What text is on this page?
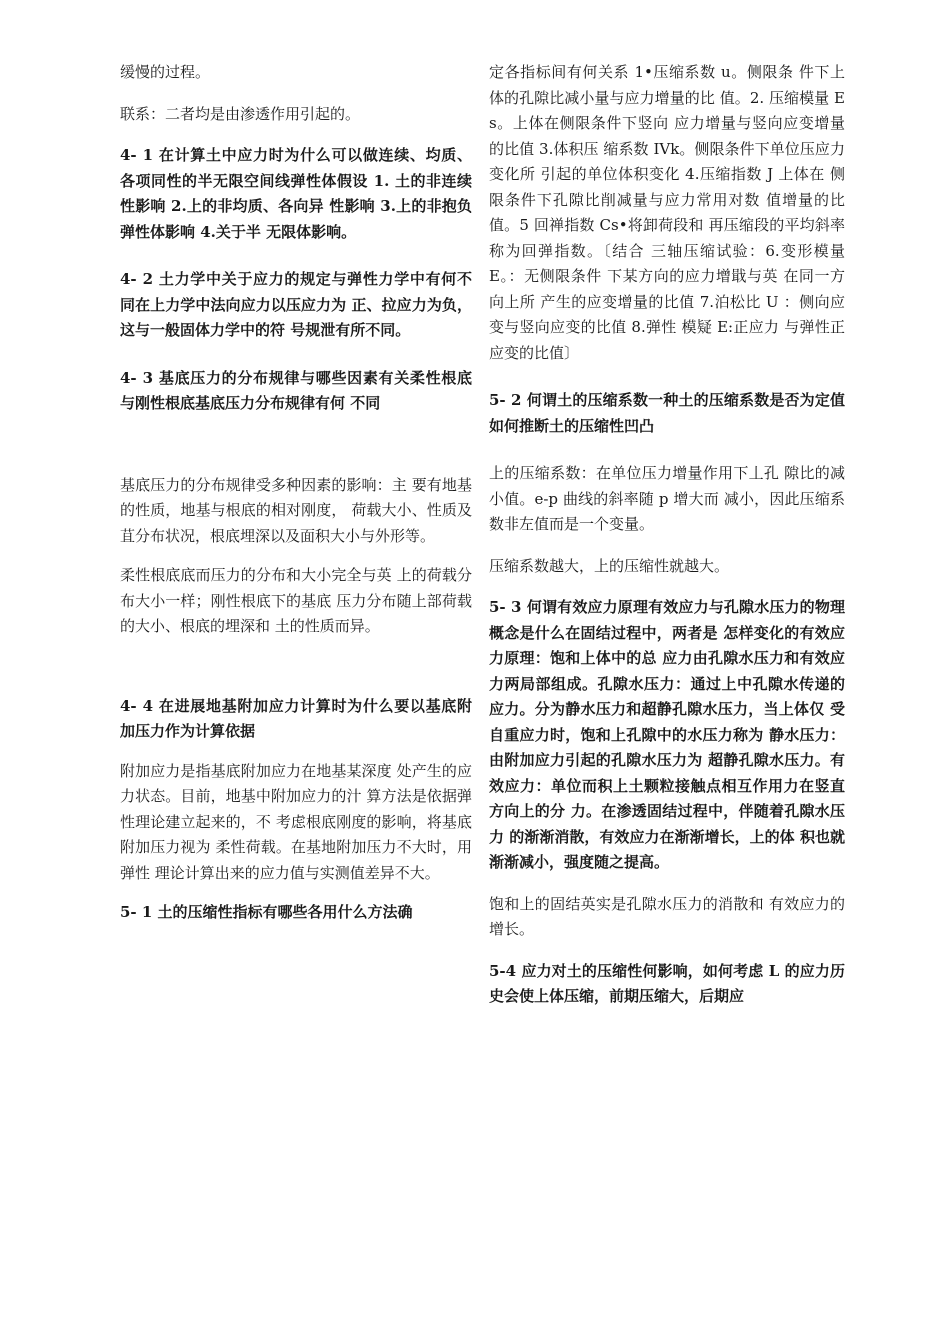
缓慢的过程。

联系：二者均是由渗透作用引起的。

4- 1 在计算土中应力时为什么可以做连续、均质、各项同性的半无限空间线弹性体假设 1. 土的非连续性影响 2.上的非均质、各向异 性影响 3.上的非抱负弹性体影响 4.关于半 无限体影响。

4- 2 土力学中关于应力的规定与弹性力学中有何不同在上力学中法向应力以压应力为 正、拉应力为负，这与一般固体力学中的符 号规泄有所不同。

4- 3 基底压力的分布规律与哪些因素有关柔性根底与刚性根底基底压力分布规律有何 不同

基底压力的分布规律受多种因素的影响：主 要有地基的性质，地基与根底的相对刚度， 荷载大小、性质及苴分布状况，根底埋深以及面积大小与外形等。

柔性根底底而压力的分布和大小完全与英 上的荷载分布大小一样；刚性根底下的基底 压力分布随上部荷载的大小、根底的埋深和 土的性质而异。

4- 4 在进展地基附加应力计算时为什么要以基底附加压力作为计算依据

附加应力是指基底附加应力在地基某深度 处产生的应力状态。目前，地基中附加应力的汁 算方法是依据弹性理论建立起来的，不 考虑根底刚度的影响，将基底附加压力视为 柔性荷载。在基地附加压力不大时，用弹性 理论计算出来的应力值与实测值差异不大。

5- 1 土的压缩性指标有哪些各用什么方法确

定各指标间有何关系 1•压缩系数 u。侧限条 件下上体的孔隙比减小量与应力增量的比 值。2. 压缩模量 Es。上体在侧限条件下竖向 应力增量与竖向应变增量的比值 3.体积压 缩系数 IVk。侧限条件下单位压应力变化所 引起的单位体积变化 4.压缩指数 J 上体在 侧限条件下孔隙比削减量与应力常用对数 值增量的比值。5 回禅指数 Cs•将卸荷段和 再压缩段的平均斜率称为回弹指数。〔结合 三轴压缩试验：6.变形模量 E。：无侧限条件 下某方向的应力增戢与英 在同一方向上所 产生的应变增量的比值 7.泊松比 U ：侧向应 变与竖向应变的比值 8.弹性 模疑 E:正应力 与弹性正应变的比值〕

5- 2 何谓土的压缩系数一种土的压缩系数是否为定值如何推断土的压缩性凹凸

上的压缩系数：在单位压力增量作用下丄孔 隙比的减小值。e-p 曲线的斜率随 p 增大而 减小，因此压缩系数非左值而是一个变量。

压缩系数越大，上的压缩性就越大。

5- 3 何谓有效应力原理有效应力与孔隙水压力的物理概念是什么在固结过程中，两者是 怎样变化的有效应力原理：饱和上体中的总 应力由孔隙水压力和有效应力两局部组成。孔隙水压力：通过上中孔隙水传递的应力。分为静水压力和超静孔隙水压力，当上体仅 受自重应力时，饱和上孔隙中的水压力称为 静水压力：由附加应力引起的孔隙水压力为 超静孔隙水压力。有效应力：单位而积上土颗粒接触点相互作用力在竖直方向上的分 力。在渗透固结过程中，伴随着孔隙水压力 的渐渐消散，有效应力在渐渐增长，上的体 积也就渐渐减小，强度随之提高。

饱和上的固结英实是孔隙水压力的消散和 有效应力的增长。

5-4 应力对土的压缩性何影响，如何考虑 L 的应力历史会使上体压缩，前期压缩大，后期应
